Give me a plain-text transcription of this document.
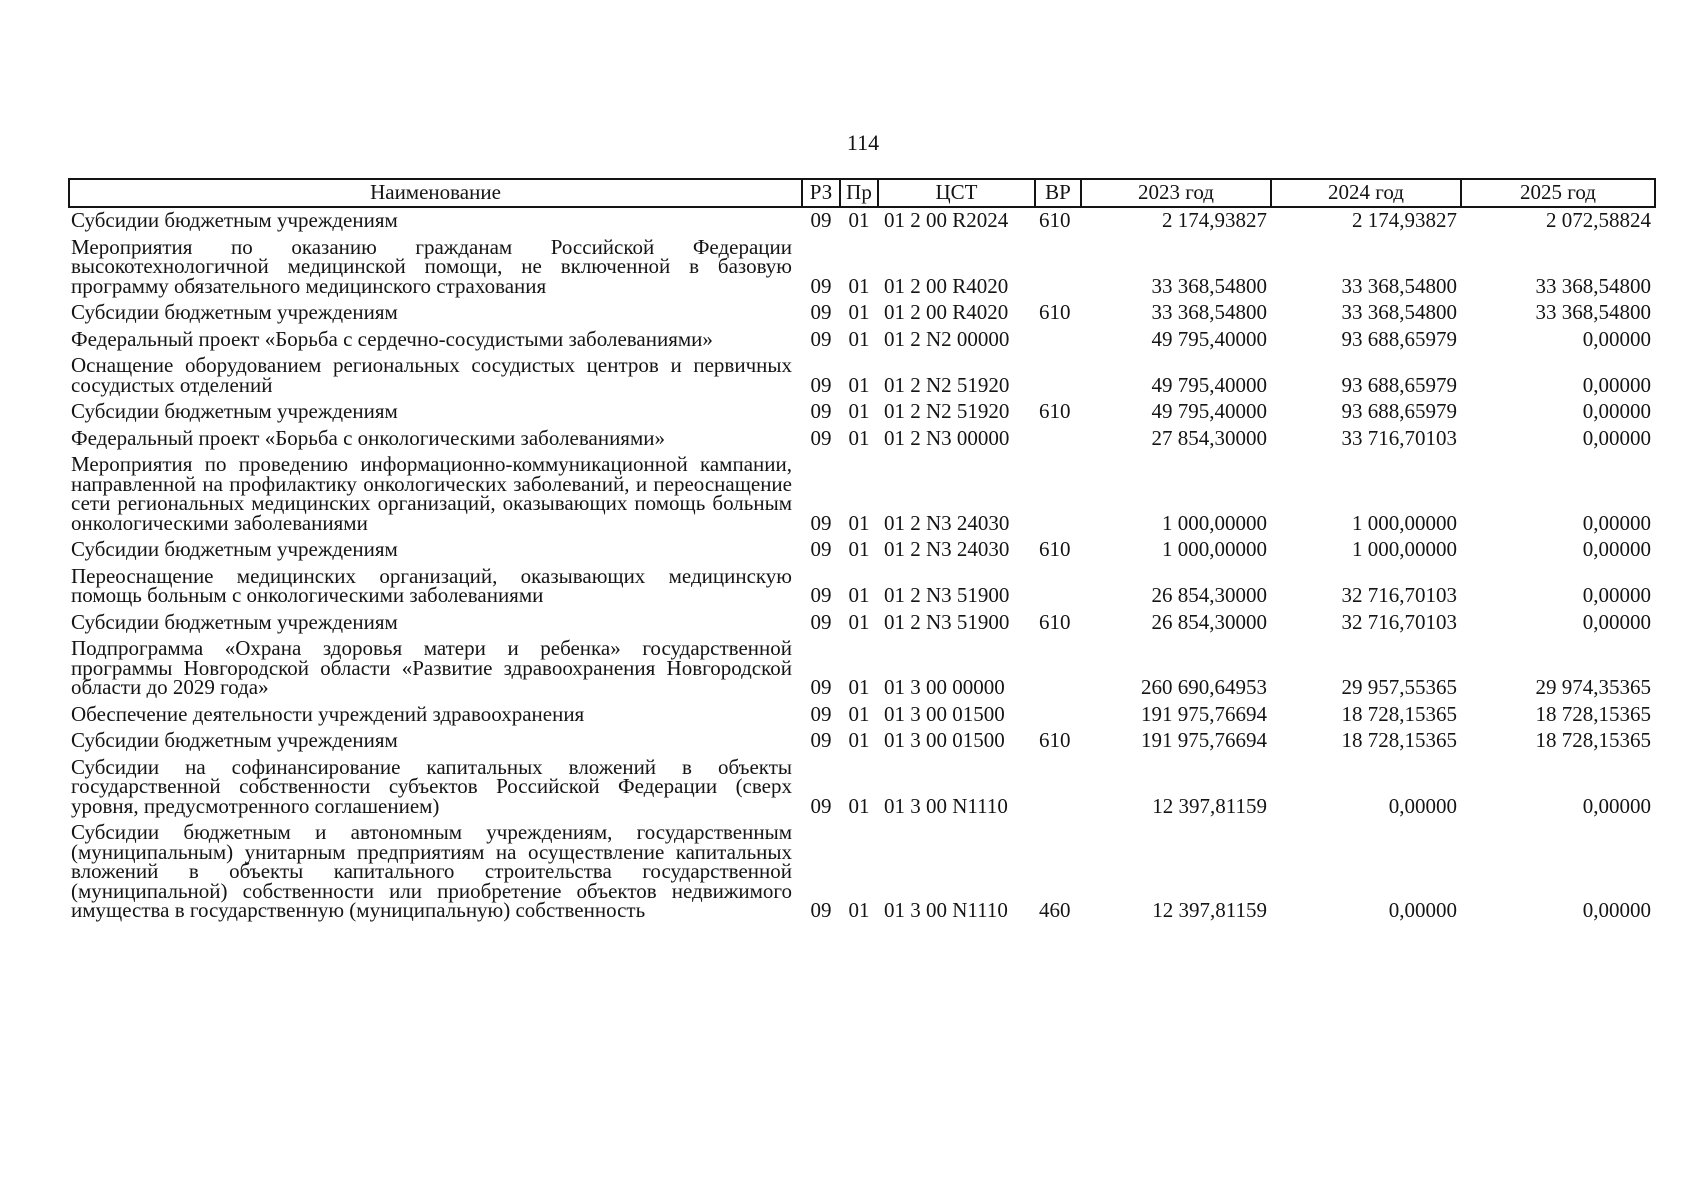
114
Наименование	РЗ	Пр	ЦСТ	ВР	2023 год	2024 год	2025 год
Субсидии бюджетным учреждениям	09	01	01 2 00 R2024	610	2 174,93827	2 174,93827	2 072,58824
Мероприятия по оказанию гражданам Российской Федерации высокотехнологичной медицинской помощи, не включенной в базовую программу обязательного медицинского страхования	09	01	01 2 00 R4020		33 368,54800	33 368,54800	33 368,54800
Субсидии бюджетным учреждениям	09	01	01 2 00 R4020	610	33 368,54800	33 368,54800	33 368,54800
Федеральный проект «Борьба с сердечно-сосудистыми заболеваниями»	09	01	01 2 N2 00000		49 795,40000	93 688,65979	0,00000
Оснащение оборудованием региональных сосудистых центров и первичных сосудистых отделений	09	01	01 2 N2 51920		49 795,40000	93 688,65979	0,00000
Субсидии бюджетным учреждениям	09	01	01 2 N2 51920	610	49 795,40000	93 688,65979	0,00000
Федеральный проект «Борьба с онкологическими заболеваниями»	09	01	01 2 N3 00000		27 854,30000	33 716,70103	0,00000
Мероприятия по проведению информационно-коммуникационной кампании, направленной на профилактику онкологических заболеваний, и переоснащение сети региональных медицинских организаций, оказывающих помощь больным онкологическими заболеваниями	09	01	01 2 N3 24030		1 000,00000	1 000,00000	0,00000
Субсидии бюджетным учреждениям	09	01	01 2 N3 24030	610	1 000,00000	1 000,00000	0,00000
Переоснащение медицинских организаций, оказывающих медицинскую помощь больным с онкологическими заболеваниями	09	01	01 2 N3 51900		26 854,30000	32 716,70103	0,00000
Субсидии бюджетным учреждениям	09	01	01 2 N3 51900	610	26 854,30000	32 716,70103	0,00000
Подпрограмма «Охрана здоровья матери и ребенка» государственной программы Новгородской области «Развитие здравоохранения Новгородской области до 2029 года»	09	01	01 3 00 00000		260 690,64953	29 957,55365	29 974,35365
Обеспечение деятельности учреждений здравоохранения	09	01	01 3 00 01500		191 975,76694	18 728,15365	18 728,15365
Субсидии бюджетным учреждениям	09	01	01 3 00 01500	610	191 975,76694	18 728,15365	18 728,15365
Субсидии на софинансирование капитальных вложений в объекты государственной собственности субъектов Российской Федерации (сверх уровня, предусмотренного соглашением)	09	01	01 3 00 N1110		12 397,81159	0,00000	0,00000
Субсидии бюджетным и автономным учреждениям, государственным (муниципальным) унитарным предприятиям на осуществление капитальных вложений в объекты капитального строительства государственной (муниципальной) собственности или приобретение объектов недвижимого имущества в государственную (муниципальную) собственность	09	01	01 3 00 N1110	460	12 397,81159	0,00000	0,00000
